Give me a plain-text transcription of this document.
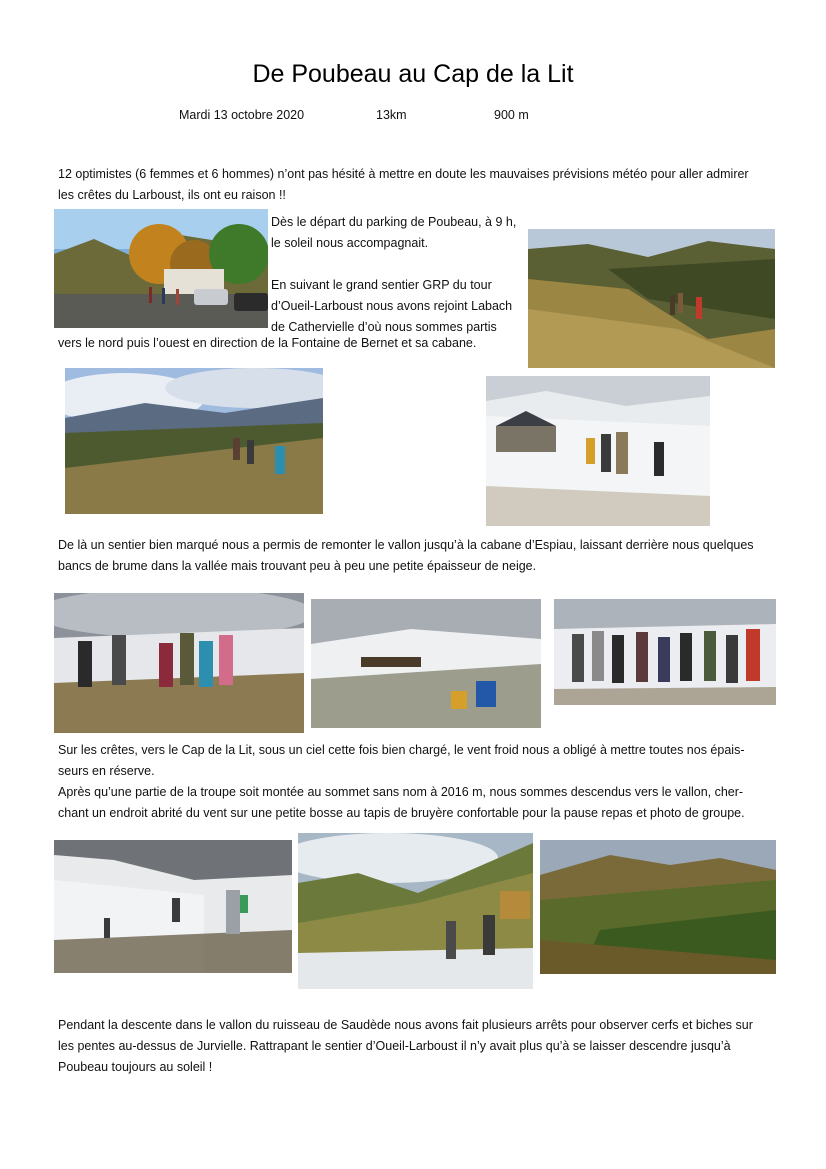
De Poubeau au Cap de la Lit
Mardi 13 octobre 2020	13km	900 m
12 optimistes (6 femmes et 6 hommes) n’ont pas hésité à mettre en doute les mauvaises prévisions météo pour aller admirer
les crêtes du Larboust, ils ont eu raison !!
Dès le départ du parking de Poubeau, à 9 h,
le soleil nous accompagnait.
En suivant le grand sentier GRP du tour
d’Oueil-Larboust nous avons rejoint Labach
de Cathervielle d’où nous sommes partis
vers le nord puis l’ouest en direction de la Fontaine de Bernet et sa cabane.
De là un sentier bien marqué nous a permis de remonter le vallon jusqu’à la cabane d’Espiau, laissant derrière nous quelques
bancs de brume dans la vallée mais trouvant peu à peu une petite épaisseur de neige.
Sur les crêtes, vers le Cap de la Lit, sous un ciel cette fois bien chargé, le vent froid nous a obligé à mettre toutes nos épais-
seurs en réserve.
Après qu’une partie de la troupe soit montée au sommet sans nom à 2016 m, nous sommes descendus vers le vallon, cher-
chant un endroit abrité du vent sur une petite bosse au tapis de bruyère confortable pour la pause repas et photo de groupe.
Pendant la descente dans le vallon du ruisseau de Saudède nous avons fait plusieurs arrêts pour observer cerfs et biches sur
les pentes au-dessus de Jurvielle. Rattrapant le sentier d’Oueil-Larboust il n’y avait plus qu’à se laisser descendre jusqu’à
Poubeau toujours au soleil !
